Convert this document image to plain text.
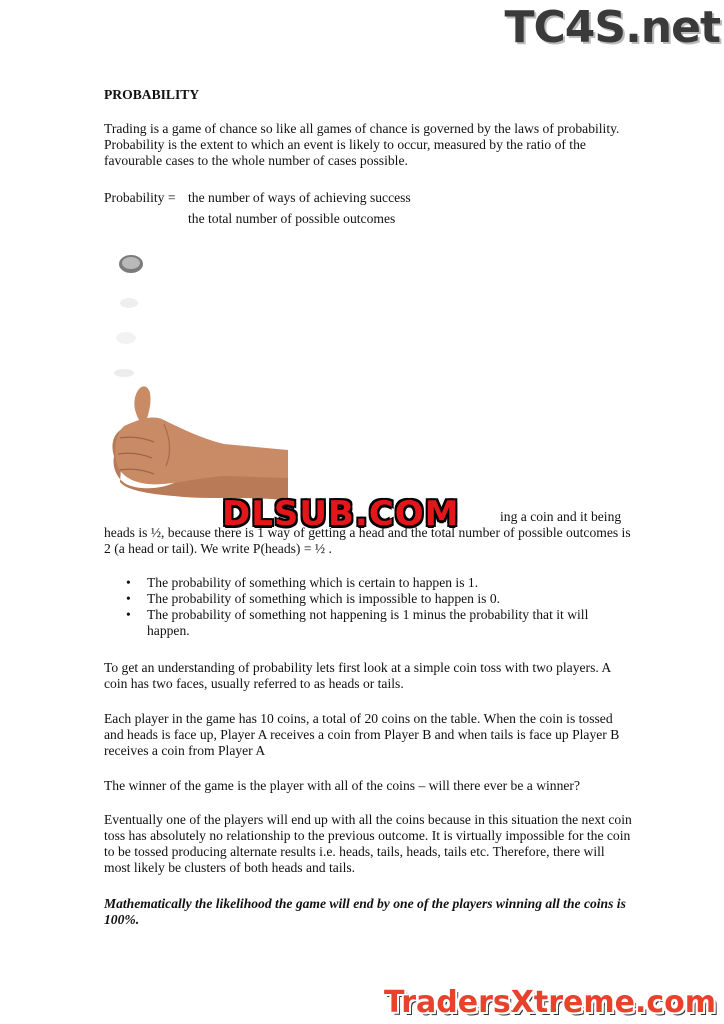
TC4S.net
PROBABILITY

Trading is a game of chance so like all games of chance is governed by the laws of probability. Probability is the extent to which an event is likely to occur, measured by the ratio of the favourable cases to the whole number of cases possible.

Probability = the number of ways of achieving success
the total number of possible outcomes

heads is ½, because there is 1 way of getting a head and the total number of possible outcomes is 2 (a head or tail). We write P(heads) = ½ .

• The probability of something which is certain to happen is 1.
• The probability of something which is impossible to happen is 0.
• The probability of something not happening is 1 minus the probability that it will happen.

To get an understanding of probability lets first look at a simple coin toss with two players. A coin has two faces, usually referred to as heads or tails.

Each player in the game has 10 coins, a total of 20 coins on the table. When the coin is tossed and heads is face up, Player A receives a coin from Player B and when tails is face up Player B receives a coin from Player A

The winner of the game is the player with all of the coins – will there ever be a winner?

Eventually one of the players will end up with all the coins because in this situation the next coin toss has absolutely no relationship to the previous outcome. It is virtually impossible for the coin to be tossed producing alternate results i.e. heads, tails, heads, tails etc. Therefore, there will most likely be clusters of both heads and tails.

Mathematically the likelihood the game will end by one of the players winning all the coins is 100%.

DLSUB.COM	ing a coin and it being
TradersXtreme.com
